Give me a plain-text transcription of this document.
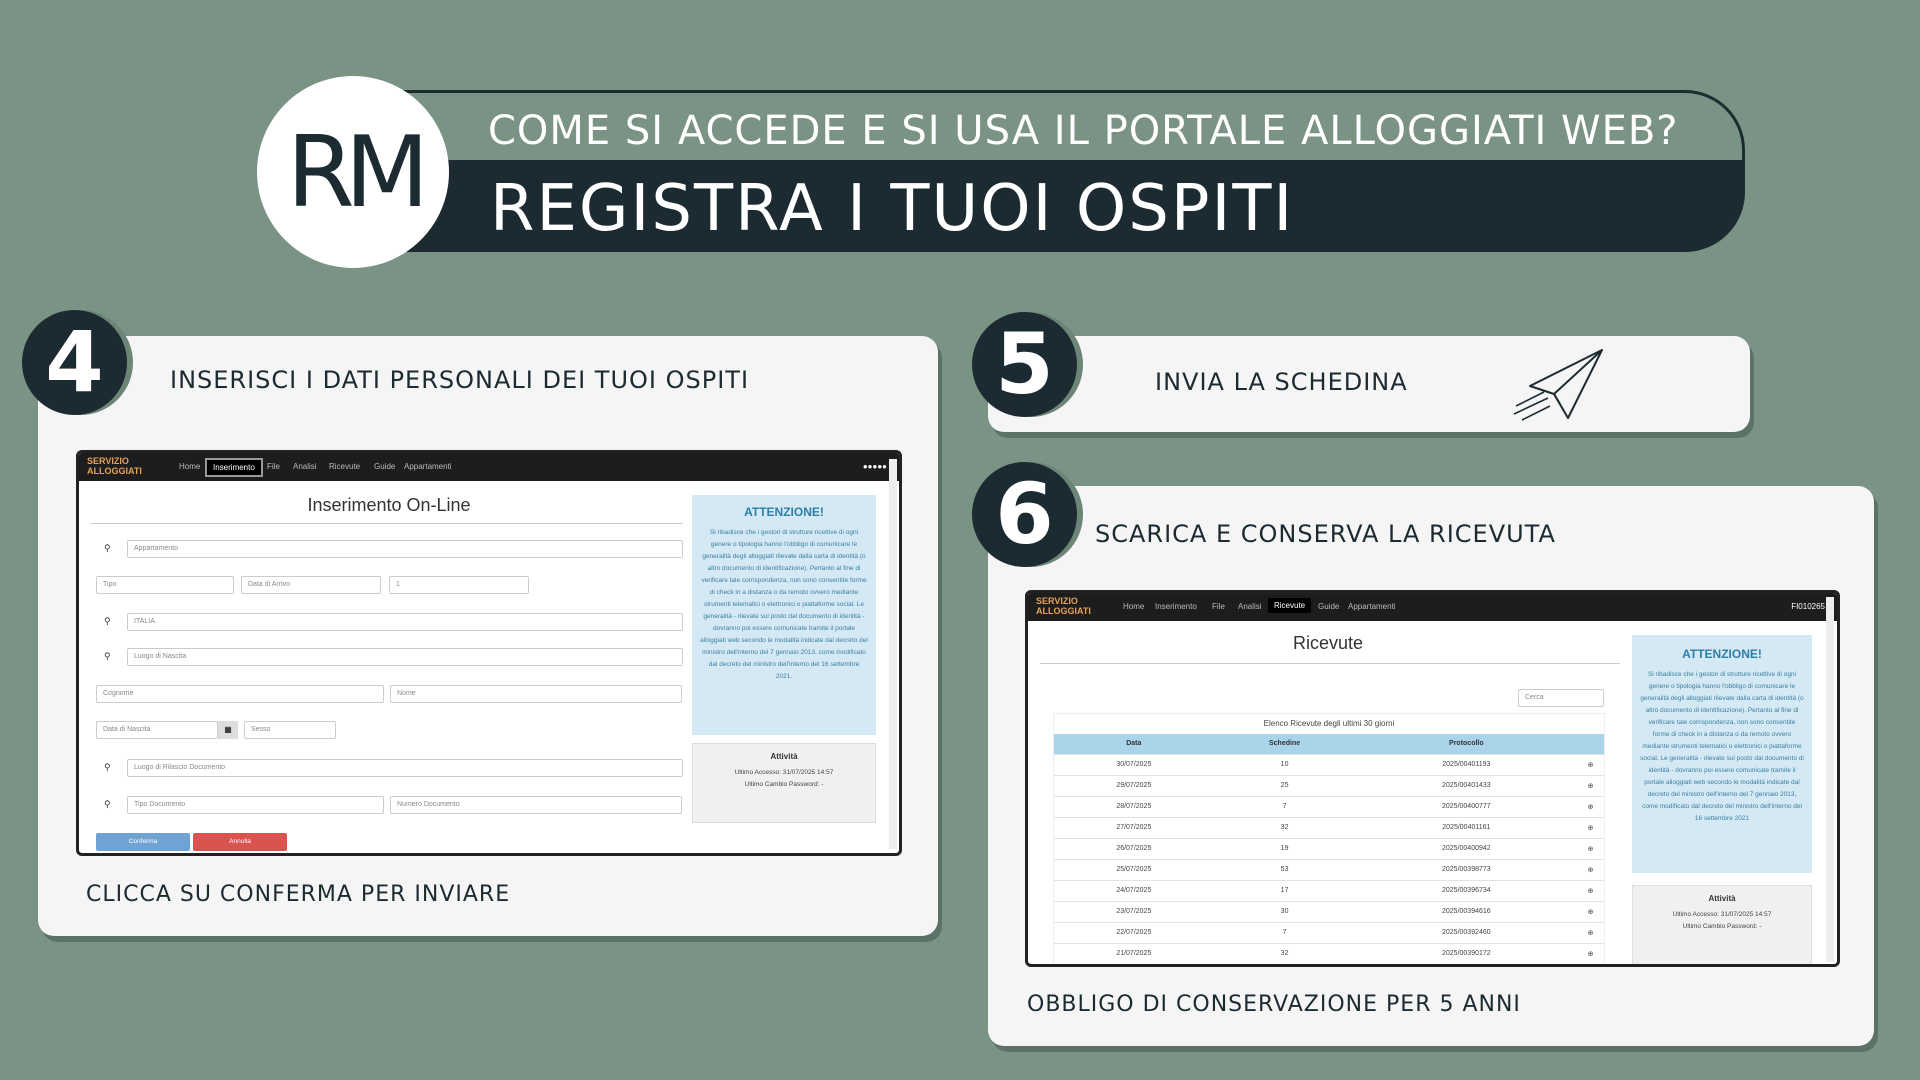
COME SI ACCEDE E SI USA IL PORTALE ALLOGGIATI WEB?
REGISTRA I TUOI OSPITI
RM
4	INSERISCI I DATI PERSONALI DEI TUOI OSPITI
SERVIZIO ALLOGGIATI	Home	Inserimento	File Analisi Ricevute Guide Appartamenti	●●●●●
Inserimento On-Line
⚲	Appartamento
Tipo	Data di Arrivo	1
⚲	ITALIA
⚲	Luogo di Nascita
Cognome	Nome
Data di Nascita	▦	Sesso
⚲	Luogo di Rilascio Documento
⚲	Tipo Documento	Numero Documento
Conferma	Annulla
ATTENZIONE!
Si ribadisce che i gestori di strutture ricettive di ogni genere o tipologia hanno l'obbligo di comunicare le generalità degli alloggiati rilevate dalla carta di identità (o altro documento di identificazione). Pertanto al fine di verificare tale corrispondenza, non sono consentite forme di check in a distanza o da remoto ovvero mediante strumenti telematici o elettronici o piattaforme social. Le generalità - rilevate sul posto dal documento di identità - dovranno poi essere comunicate tramite il portale alloggiati web secondo le modalità indicate dal decreto del ministro dell'interno del 7 gennaio 2013, come modificato dal decreto del ministro dell'interno del 16 settembre 2021.
Attività
Ultimo Accesso: 31/07/2025 14:57
Ultimo Cambio Password: -
CLICCA SU CONFERMA PER INVIARE
5	INVIA LA SCHEDINA
6	SCARICA E CONSERVA LA RICEVUTA
SERVIZIO ALLOGGIATI	Home Inserimento File Analisi	Ricevute	Guide Appartamenti	FI010265
Ricevute
Cerca
Elenco Ricevute degli ultimi 30 giorni
Data	Schedine	Protocollo	
30/07/2025	10	2025/00401193	⊕
29/07/2025	25	2025/00401433	⊕
28/07/2025	7	2025/00400777	⊕
27/07/2025	32	2025/00401161	⊕
26/07/2025	19	2025/00400942	⊕
25/07/2025	53	2025/00398773	⊕
24/07/2025	17	2025/00396734	⊕
23/07/2025	30	2025/00394616	⊕
22/07/2025	7	2025/00392460	⊕
21/07/2025	32	2025/00390172	⊕
ATTENZIONE!
Si ribadisce che i gestori di strutture ricettive di ogni genere o tipologia hanno l'obbligo di comunicare le generalità degli alloggiati rilevate dalla carta di identità (o altro documento di identificazione). Pertanto al fine di verificare tale corrispondenza, non sono consentite forme di check in a distanza o da remoto ovvero mediante strumenti telematici o elettronici o piattaforme social. Le generalità - rilevate sul posto dal documento di identità - dovranno poi essere comunicate tramite il portale alloggiati web secondo le modalità indicate dal decreto del ministro dell'interno del 7 gennaio 2013, come modificato dal decreto del ministro dell'interno del 16 settembre 2021
Attività
Ultimo Accesso: 31/07/2025 14:57
Ultimo Cambio Password: -
OBBLIGO DI CONSERVAZIONE PER 5 ANNI
